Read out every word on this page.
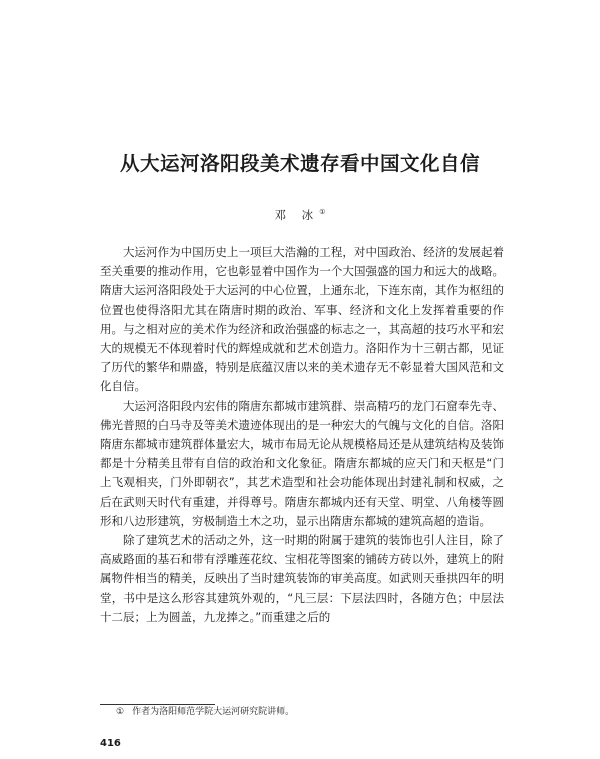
从大运河洛阳段美术遗存看中国文化自信
邓 冰①

大运河作为中国历史上一项巨大浩瀚的工程，对中国政治、经济的发展起着至关重要的推动作用，它也彰显着中国作为一个大国强盛的国力和远大的战略。隋唐大运河洛阳段处于大运河的中心位置，上通东北，下连东南，其作为枢纽的位置也使得洛阳尤其在隋唐时期的政治、军事、经济和文化上发挥着重要的作用。与之相对应的美术作为经济和政治强盛的标志之一，其高超的技巧水平和宏大的规模无不体现着时代的辉煌成就和艺术创造力。洛阳作为十三朝古都，见证了历代的繁华和鼎盛，特别是底蕴汉唐以来的美术遗存无不彰显着大国风范和文化自信。

大运河洛阳段内宏伟的隋唐东都城市建筑群、崇高精巧的龙门石窟奉先寺、佛光普照的白马寺及等美术遗迹体现出的是一种宏大的气魄与文化的自信。洛阳隋唐东都城市建筑群体量宏大，城市布局无论从规模格局还是从建筑结构及装饰都是十分精美且带有自信的政治和文化象征。隋唐东都城的应天门和天枢是“门上飞观相夹，门外即朝衣”，其艺术造型和社会功能体现出封建礼制和权威，之后在武则天时代有重建，并得尊号。隋唐东都城内还有天堂、明堂、八角楼等圆形和八边形建筑，穷极制造土木之功，显示出隋唐东都城的建筑高超的造诣。

除了建筑艺术的活动之外，这一时期的附属于建筑的装饰也引人注目，除了高威路面的基石和带有浮雕莲花纹、宝相花等图案的铺砖方砖以外，建筑上的附属物件相当的精美，反映出了当时建筑装饰的审美高度。如武则天垂拱四年的明堂，书中是这么形容其建筑外观的，“凡三层：下层法四时，各随方色；中层法十二辰；上为圆盖，九龙捧之。”而重建之后的

① 作者为洛阳师范学院大运河研究院讲师。
416
